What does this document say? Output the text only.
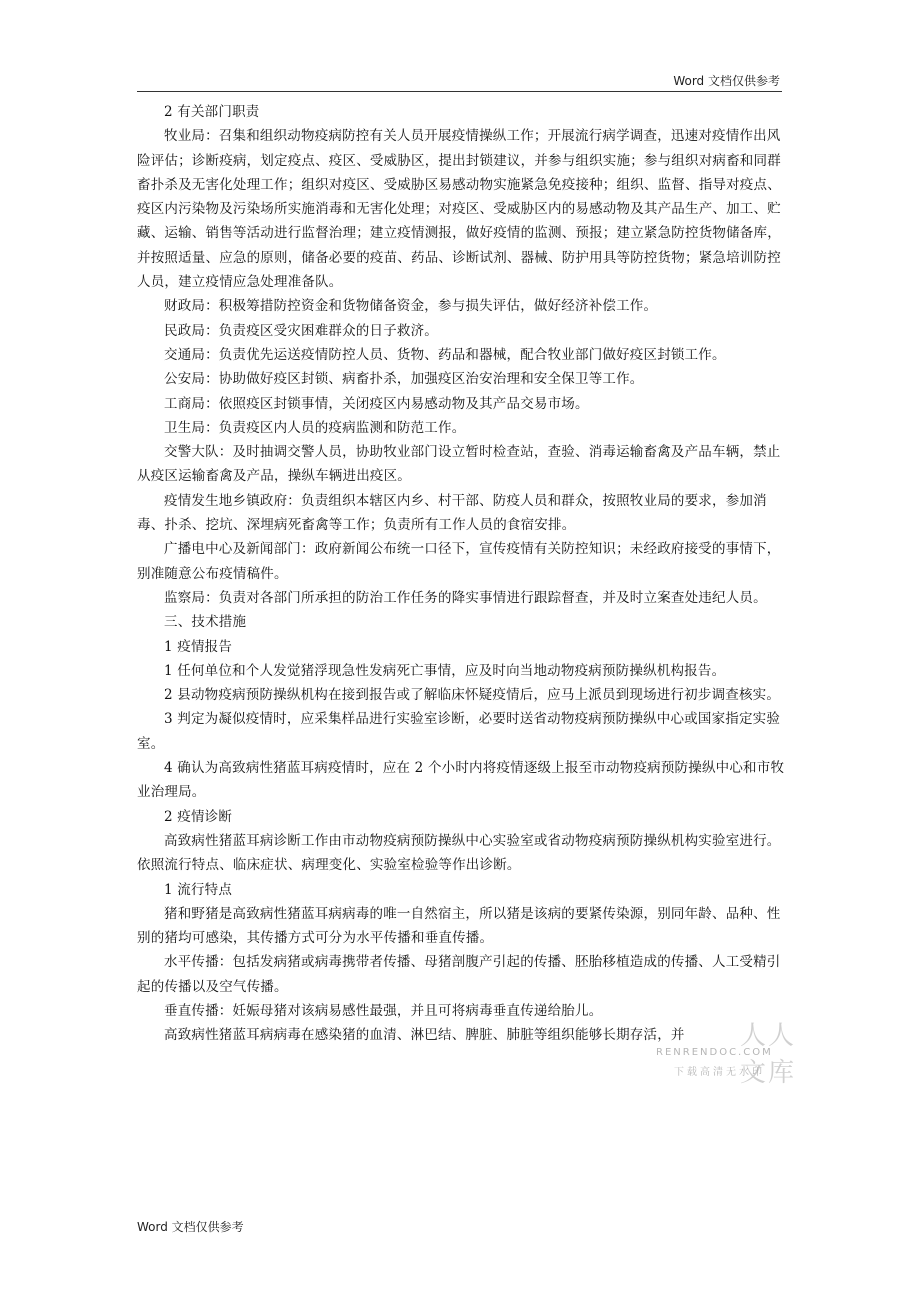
Word 文档仅供参考

2 有关部门职责

牧业局：召集和组织动物疫病防控有关人员开展疫情操纵工作；开展流行病学调查，迅速对疫情作出风险评估；诊断疫病，划定疫点、疫区、受威胁区，提出封锁建议，并参与组织实施；参与组织对病畜和同群畜扑杀及无害化处理工作；组织对疫区、受威胁区易感动物实施紧急免疫接种；组织、监督、指导对疫点、疫区内污染物及污染场所实施消毒和无害化处理；对疫区、受威胁区内的易感动物及其产品生产、加工、贮藏、运输、销售等活动进行监督治理；建立疫情测报，做好疫情的监测、预报；建立紧急防控货物储备库，并按照适量、应急的原则，储备必要的疫苗、药品、诊断试剂、器械、防护用具等防控货物；紧急培训防控人员，建立疫情应急处理准备队。

财政局：积极筹措防控资金和货物储备资金，参与损失评估，做好经济补偿工作。

民政局：负责疫区受灾困难群众的日子救济。

交通局：负责优先运送疫情防控人员、货物、药品和器械，配合牧业部门做好疫区封锁工作。

公安局：协助做好疫区封锁、病畜扑杀，加强疫区治安治理和安全保卫等工作。

工商局：依照疫区封锁事情，关闭疫区内易感动物及其产品交易市场。

卫生局：负责疫区内人员的疫病监测和防范工作。

交警大队：及时抽调交警人员，协助牧业部门设立暂时检查站，查验、消毒运输畜禽及产品车辆，禁止从疫区运输畜禽及产品，操纵车辆进出疫区。

疫情发生地乡镇政府：负责组织本辖区内乡、村干部、防疫人员和群众，按照牧业局的要求，参加消毒、扑杀、挖坑、深埋病死畜禽等工作；负责所有工作人员的食宿安排。

广播电中心及新闻部门：政府新闻公布统一口径下，宣传疫情有关防控知识；未经政府接受的事情下，别准随意公布疫情稿件。

监察局：负责对各部门所承担的防治工作任务的降实事情进行跟踪督查，并及时立案查处违纪人员。

三、技术措施

1 疫情报告

1 任何单位和个人发觉猪浮现急性发病死亡事情，应及时向当地动物疫病预防操纵机构报告。

2 县动物疫病预防操纵机构在接到报告或了解临床怀疑疫情后，应马上派员到现场进行初步调查核实。

3 判定为凝似疫情时，应采集样品进行实验室诊断，必要时送省动物疫病预防操纵中心或国家指定实验室。

4 确认为高致病性猪蓝耳病疫情时，应在 2 个小时内将疫情逐级上报至市动物疫病预防操纵中心和市牧业治理局。

2 疫情诊断

高致病性猪蓝耳病诊断工作由市动物疫病预防操纵中心实验室或省动物疫病预防操纵机构实验室进行。依照流行特点、临床症状、病理变化、实验室检验等作出诊断。

1 流行特点

猪和野猪是高致病性猪蓝耳病病毒的唯一自然宿主，所以猪是该病的要紧传染源，别同年龄、品种、性别的猪均可感染，其传播方式可分为水平传播和垂直传播。

水平传播：包括发病猪或病毒携带者传播、母猪剖腹产引起的传播、胚胎移植造成的传播、人工受精引起的传播以及空气传播。

垂直传播：妊娠母猪对该病易感性最强，并且可将病毒垂直传递给胎儿。

高致病性猪蓝耳病病毒在感染猪的血清、淋巴结、脾脏、肺脏等组织能够长期存活，并	人人文库
RENRENDOC.COM
下载高清无水印
Word 文档仅供参考
